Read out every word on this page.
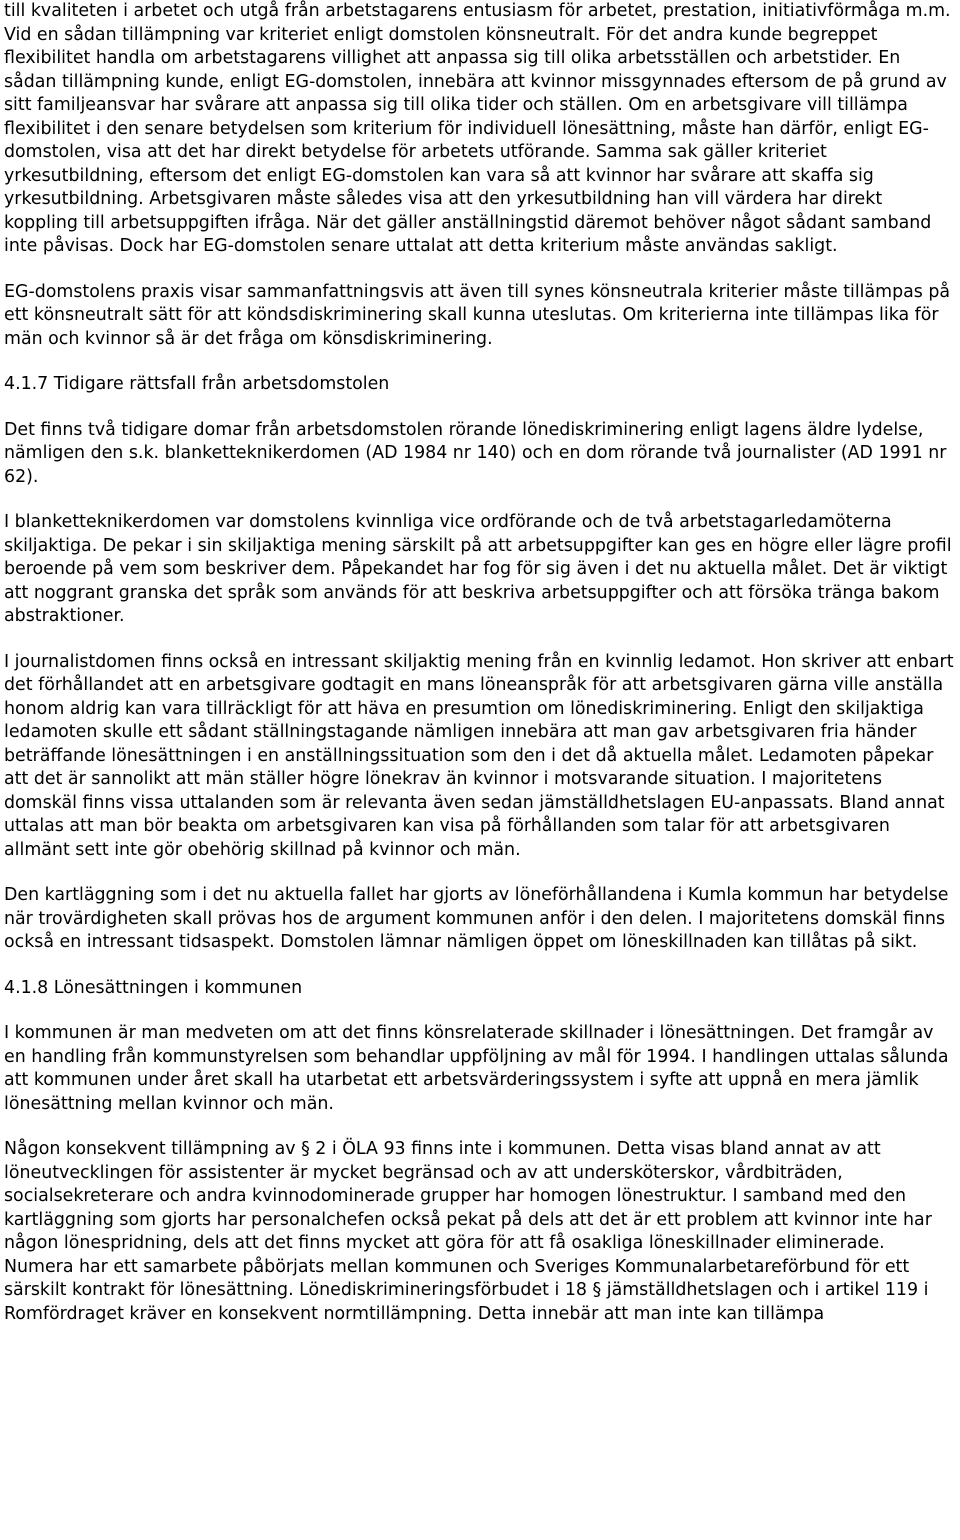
till kvaliteten i arbetet och utgå från arbetstagarens entusiasm för arbetet, prestation, initiativförmåga m.m. Vid en sådan tillämpning var kriteriet enligt domstolen könsneutralt. För det andra kunde begreppet flexibilitet handla om arbetstagarens villighet att anpassa sig till olika arbetsställen och arbetstider. En sådan tillämpning kunde, enligt EG-domstolen, innebära att kvinnor missgynnades eftersom de på grund av sitt familjeansvar har svårare att anpassa sig till olika tider och ställen. Om en arbetsgivare vill tillämpa flexibilitet i den senare betydelsen som kriterium för individuell lönesättning, måste han därför, enligt EG-domstolen, visa att det har direkt betydelse för arbetets utförande. Samma sak gäller kriteriet yrkesutbildning, eftersom det enligt EG-domstolen kan vara så att kvinnor har svårare att skaffa sig yrkesutbildning. Arbetsgivaren måste således visa att den yrkesutbildning han vill värdera har direkt koppling till arbetsuppgiften ifråga. När det gäller anställningstid däremot behöver något sådant samband inte påvisas. Dock har EG-domstolen senare uttalat att detta kriterium måste användas sakligt.

EG-domstolens praxis visar sammanfattningsvis att även till synes könsneutrala kriterier måste tillämpas på ett könsneutralt sätt för att köndsdiskriminering skall kunna uteslutas. Om kriterierna inte tillämpas lika för män och kvinnor så är det fråga om könsdiskriminering.

4.1.7 Tidigare rättsfall från arbetsdomstolen

Det finns två tidigare domar från arbetsdomstolen rörande lönediskriminering enligt lagens äldre lydelse, nämligen den s.k. blanketteknikerdomen (AD 1984 nr 140) och en dom rörande två journalister (AD 1991 nr 62).

I blanketteknikerdomen var domstolens kvinnliga vice ordförande och de två arbetstagarledamöterna skiljaktiga. De pekar i sin skiljaktiga mening särskilt på att arbetsuppgifter kan ges en högre eller lägre profil beroende på vem som beskriver dem. Påpekandet har fog för sig även i det nu aktuella målet. Det är viktigt att noggrant granska det språk som används för att beskriva arbetsuppgifter och att försöka tränga bakom abstraktioner.

I journalistdomen finns också en intressant skiljaktig mening från en kvinnlig ledamot. Hon skriver att enbart det förhållandet att en arbetsgivare godtagit en mans löneanspråk för att arbetsgivaren gärna ville anställa honom aldrig kan vara tillräckligt för att häva en presumtion om lönediskriminering. Enligt den skiljaktiga ledamoten skulle ett sådant ställningstagande nämligen innebära att man gav arbetsgivaren fria händer beträffande lönesättningen i en anställningssituation som den i det då aktuella målet. Ledamoten påpekar att det är sannolikt att män ställer högre lönekrav än kvinnor i motsvarande situation. I majoritetens domskäl finns vissa uttalanden som är relevanta även sedan jämställdhetslagen EU-anpassats. Bland annat uttalas att man bör beakta om arbetsgivaren kan visa på förhållanden som talar för att arbetsgivaren allmänt sett inte gör obehörig skillnad på kvinnor och män.

Den kartläggning som i det nu aktuella fallet har gjorts av löneförhållandena i Kumla kommun har betydelse när trovärdigheten skall prövas hos de argument kommunen anför i den delen. I majoritetens domskäl finns också en intressant tidsaspekt. Domstolen lämnar nämligen öppet om löneskillnaden kan tillåtas på sikt.

4.1.8 Lönesättningen i kommunen

I kommunen är man medveten om att det finns könsrelaterade skillnader i lönesättningen. Det framgår av en handling från kommunstyrelsen som behandlar uppföljning av mål för 1994. I handlingen uttalas sålunda att kommunen under året skall ha utarbetat ett arbetsvärderingssystem i syfte att uppnå en mera jämlik lönesättning mellan kvinnor och män.

Någon konsekvent tillämpning av § 2 i ÖLA 93 finns inte i kommunen. Detta visas bland annat av att löneutvecklingen för assistenter är mycket begränsad och av att undersköterskor, vårdbiträden, socialsekreterare och andra kvinnodominerade grupper har homogen lönestruktur. I samband med den kartläggning som gjorts har personalchefen också pekat på dels att det är ett problem att kvinnor inte har någon lönespridning, dels att det finns mycket att göra för att få osakliga löneskillnader eliminerade. Numera har ett samarbete påbörjats mellan kommunen och Sveriges Kommunalarbetareförbund för ett särskilt kontrakt för lönesättning. Lönediskrimineringsförbudet i 18 § jämställdhetslagen och i artikel 119 i Romfördraget kräver en konsekvent normtillämpning. Detta innebär att man inte kan tillämpa
